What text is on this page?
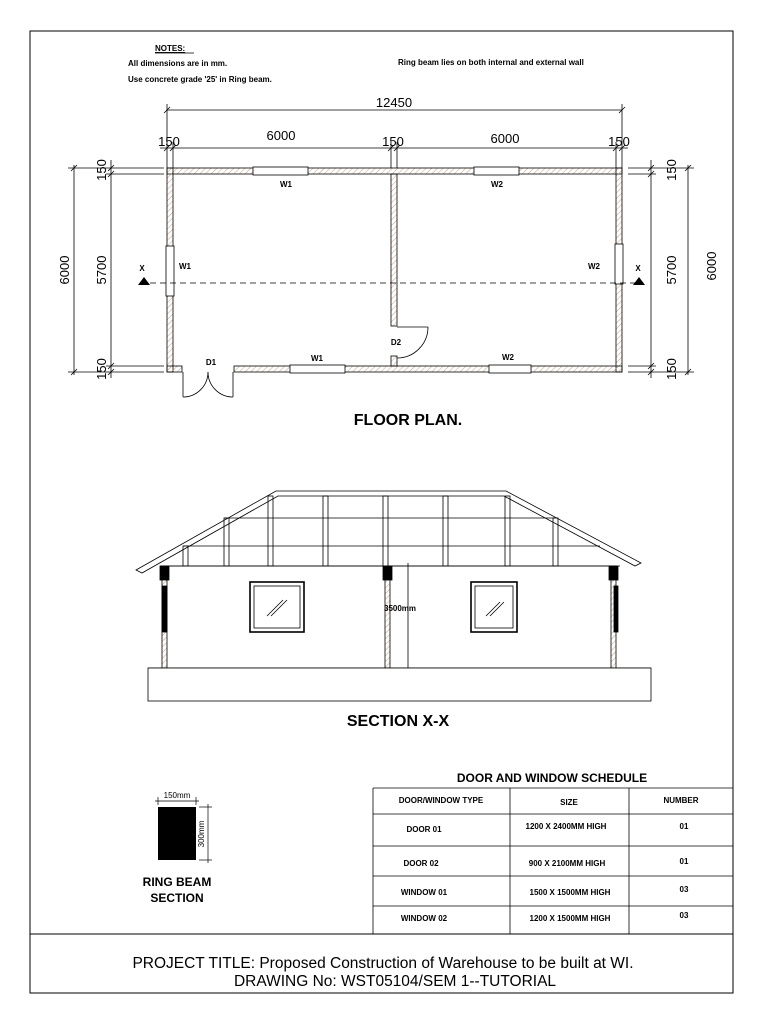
NOTES:
All dimensions are in mm.
Use concrete grade '25' in Ring beam.
Ring beam lies on both internal and external wall
12450
150	6000	150	6000	150
6000
150
5700
150
150
5700
150
6000
W1	W2
W1	W2
W1	W2
D1
D2
X	X
FLOOR PLAN.
3500mm
SECTION X-X
150mm
300mm
RING BEAM
SECTION
DOOR AND WINDOW SCHEDULE
DOOR/WINDOW TYPE	SIZE	NUMBER
DOOR 01	1200 X 2400MM HIGH	01
DOOR 02	900 X 2100MM HIGH	01
WINDOW 01	1500 X 1500MM HIGH	03
WINDOW 02	1200 X 1500MM HIGH	03
PROJECT TITLE: Proposed Construction of Warehouse to be built at WI.
DRAWING No: WST05104/SEM 1--TUTORIAL
